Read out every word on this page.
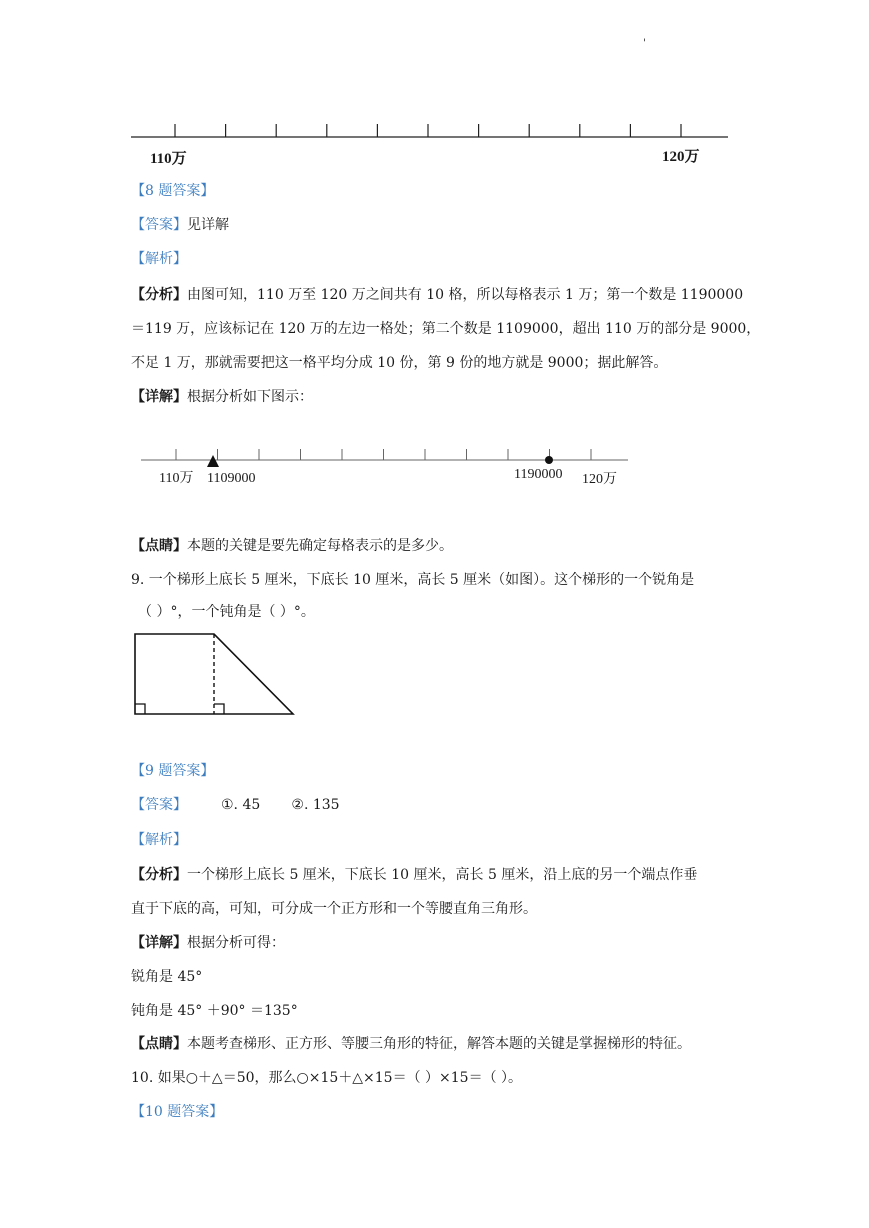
'
110万	120万
【8 题答案】
【答案】见详解
【解析】
【分析】由图可知，110 万至 120 万之间共有 10 格，所以每格表示 1 万；第一个数是 1190000
＝119 万，应该标记在 120 万的左边一格处；第二个数是 1109000，超出 110 万的部分是 9000，
不足 1 万，那就需要把这一格平均分成 10 份，第 9 份的地方就是 9000；据此解答。
【详解】根据分析如下图示：
110万 1109000	1190000 120万
【点睛】本题的关键是要先确定每格表示的是多少。
9. 一个梯形上底长 5 厘米，下底长 10 厘米，高长 5 厘米（如图）。这个梯形的一个锐角是
（ ）°，一个钝角是（ ）°。
【9 题答案】
【答案】 ①. 45       ②. 135
【解析】
【分析】一个梯形上底长 5 厘米，下底长 10 厘米，高长 5 厘米，沿上底的另一个端点作垂
直于下底的高，可知，可分成一个正方形和一个等腰直角三角形。
【详解】根据分析可得：
锐角是 45°
钝角是 45° ＋90° ＝135°
【点睛】本题考查梯形、正方形、等腰三角形的特征，解答本题的关键是掌握梯形的特征。
10. 如果○＋△＝50，那么○×15＋△×15＝（ ）×15＝（ ）。
【10 题答案】
